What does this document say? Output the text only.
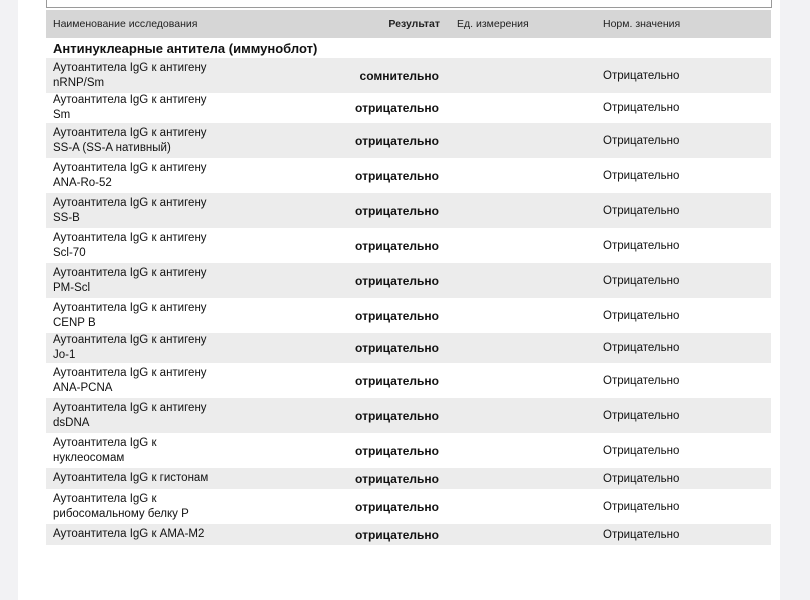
Наименование исследования	Результат	Ед. измерения	Норм. значения
Антинуклеарные антитела (иммуноблот)			
Аутоантитела IgG к антигену nRNP/Sm	сомнительно		Отрицательно
Аутоантитела IgG к антигену Sm	отрицательно		Отрицательно
Аутоантитела IgG к антигену SS-A (SS-A нативный)	отрицательно		Отрицательно
Аутоантитела IgG к антигену ANA-Ro-52	отрицательно		Отрицательно
Аутоантитела IgG к антигену SS-B	отрицательно		Отрицательно
Аутоантитела IgG к антигену Scl-70	отрицательно		Отрицательно
Аутоантитела IgG к антигену PM-Scl	отрицательно		Отрицательно
Аутоантитела IgG к антигену CENP B	отрицательно		Отрицательно
Аутоантитела IgG к антигену Jo-1	отрицательно		Отрицательно
Аутоантитела IgG к антигену ANA-PCNA	отрицательно		Отрицательно
Аутоантитела IgG к антигену dsDNA	отрицательно		Отрицательно
Аутоантитела IgG к нуклеосомам	отрицательно		Отрицательно
Аутоантитела IgG к гистонам	отрицательно		Отрицательно
Аутоантитела IgG к рибосомальному белку P	отрицательно		Отрицательно
Аутоантитела IgG к AMA-M2	отрицательно		Отрицательно
